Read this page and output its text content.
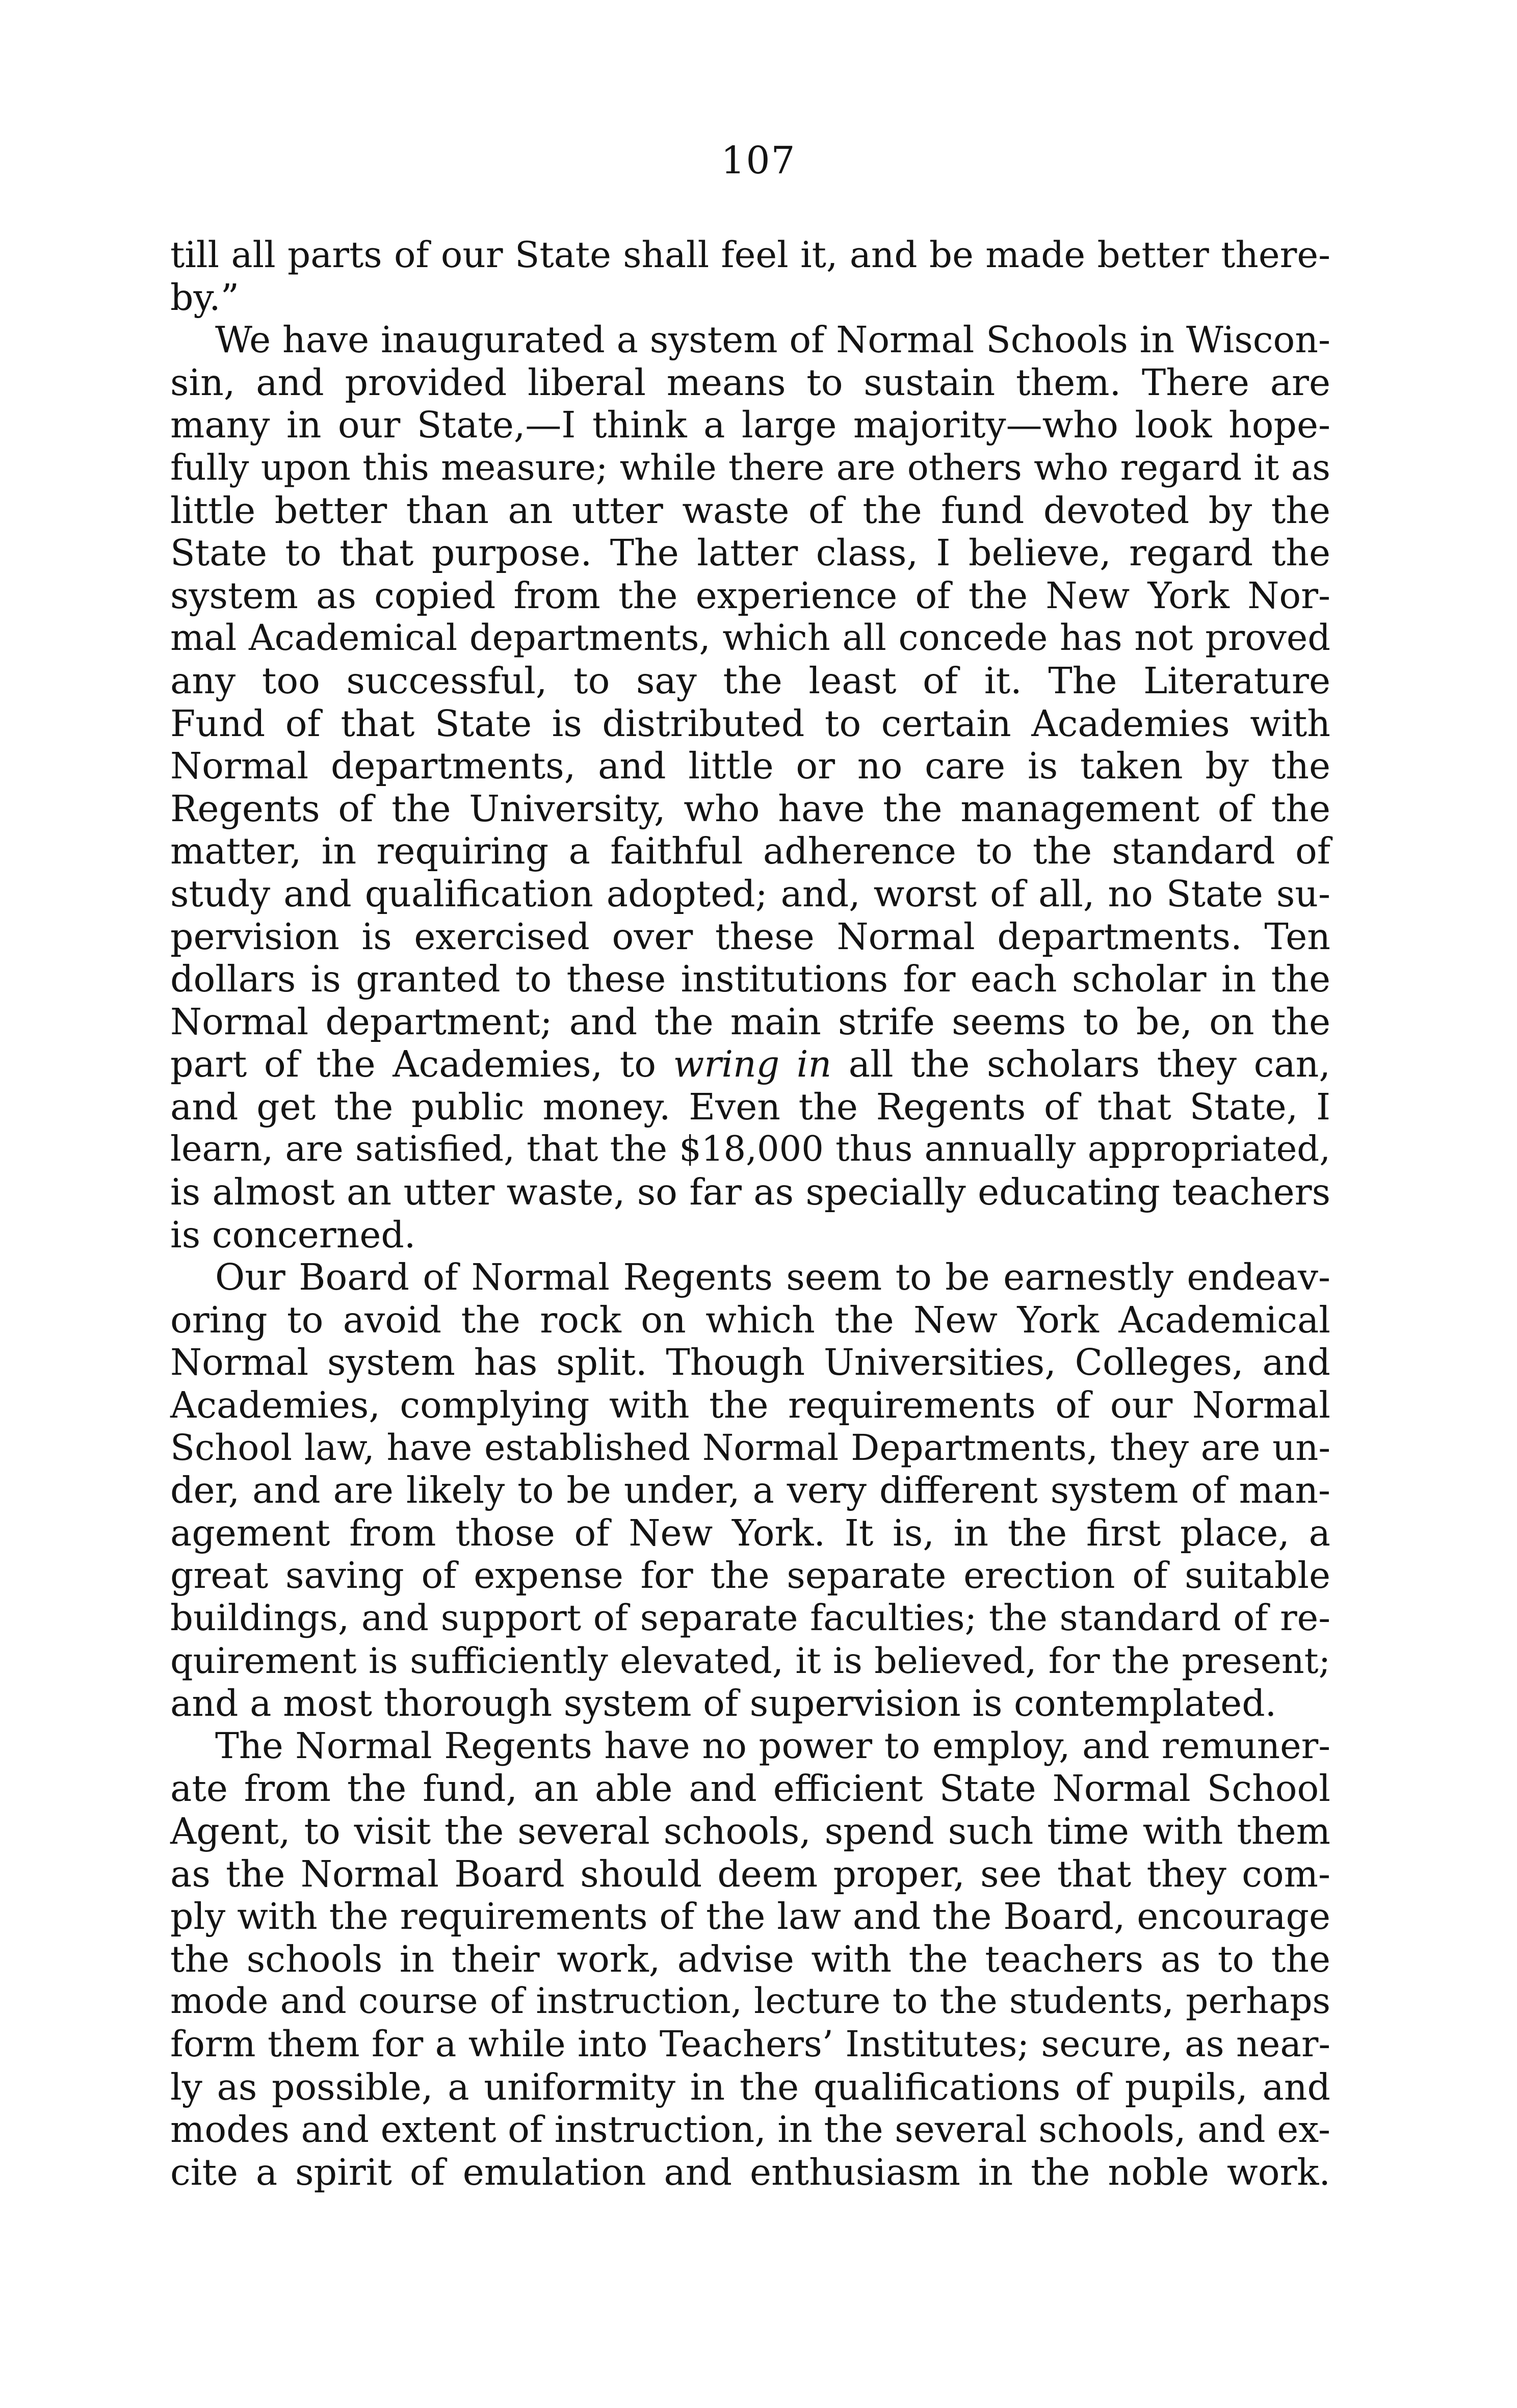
107
till all parts of our State shall feel it, and be made better there-
by.”
We have inaugurated a system of Normal Schools in Wiscon-
sin, and provided liberal means to sustain them. There are
many in our State,—I think a large majority—who look hope-
fully upon this measure; while there are others who regard it as
little better than an utter waste of the fund devoted by the
State to that purpose. The latter class, I believe, regard the
system as copied from the experience of the New York Nor-
mal Academical departments, which all concede has not proved
any too successful, to say the least of it. The Literature
Fund of that State is distributed to certain Academies with
Normal departments, and little or no care is taken by the
Regents of the University, who have the management of the
matter, in requiring a faithful adherence to the standard of
study and qualification adopted; and, worst of all, no State su-
pervision is exercised over these Normal departments. Ten
dollars is granted to these institutions for each scholar in the
Normal department; and the main strife seems to be, on the
part of the Academies, to wring in all the scholars they can,
and get the public money. Even the Regents of that State, I
learn, are satisfied, that the $18,000 thus annually appropriated,
is almost an utter waste, so far as specially educating teachers
is concerned.
Our Board of Normal Regents seem to be earnestly endeav-
oring to avoid the rock on which the New York Academical
Normal system has split. Though Universities, Colleges, and
Academies, complying with the requirements of our Normal
School law, have established Normal Departments, they are un-
der, and are likely to be under, a very different system of man-
agement from those of New York. It is, in the first place, a
great saving of expense for the separate erection of suitable
buildings, and support of separate faculties; the standard of re-
quirement is sufficiently elevated, it is believed, for the present;
and a most thorough system of supervision is contemplated.
The Normal Regents have no power to employ, and remuner-
ate from the fund, an able and efficient State Normal School
Agent, to visit the several schools, spend such time with them
as the Normal Board should deem proper, see that they com-
ply with the requirements of the law and the Board, encourage
the schools in their work, advise with the teachers as to the
mode and course of instruction, lecture to the students, perhaps
form them for a while into Teachers’ Institutes; secure, as near-
ly as possible, a uniformity in the qualifications of pupils, and
modes and extent of instruction, in the several schools, and ex-
cite a spirit of emulation and enthusiasm in the noble work.
